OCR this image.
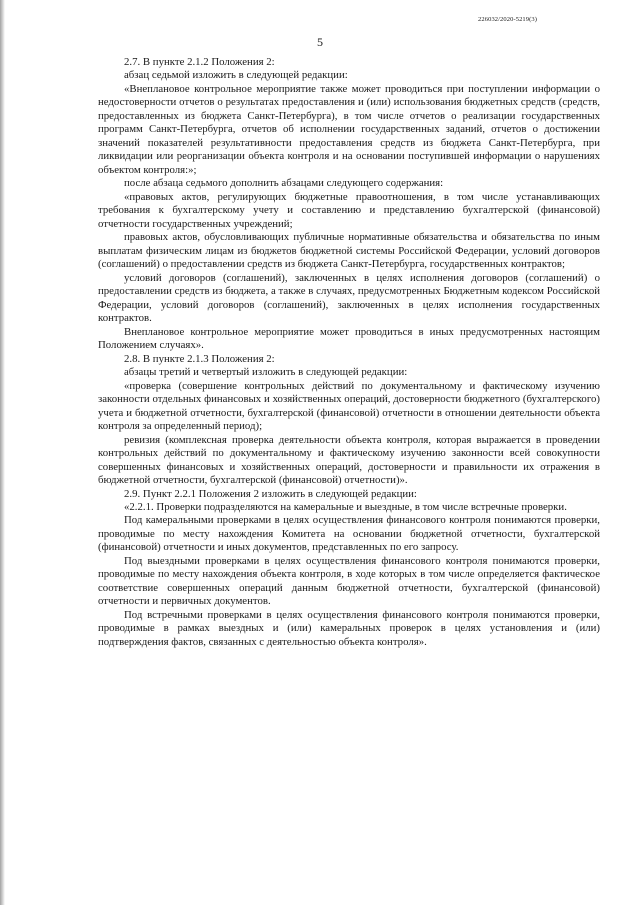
226032/2020-5219(3)
5

2.7. В пункте 2.1.2 Положения 2:

абзац седьмой изложить в следующей редакции:

«Внеплановое контрольное мероприятие также может проводиться при поступлении информации о недостоверности отчетов о результатах предоставления и (или) использования бюджетных средств (средств, предоставленных из бюджета Санкт-Петербурга), в том числе отчетов о реализации государственных программ Санкт-Петербурга, отчетов об исполнении государственных заданий, отчетов о достижении значений показателей результативности предоставления средств из бюджета Санкт-Петербурга, при ликвидации или реорганизации объекта контроля и на основании поступившей информации о нарушениях объектом контроля:»;

после абзаца седьмого дополнить абзацами следующего содержания:

«правовых актов, регулирующих бюджетные правоотношения, в том числе устанавливающих требования к бухгалтерскому учету и составлению и представлению бухгалтерской (финансовой) отчетности государственных учреждений;

правовых актов, обусловливающих публичные нормативные обязательства и обязательства по иным выплатам физическим лицам из бюджетов бюджетной системы Российской Федерации, условий договоров (соглашений) о предоставлении средств из бюджета Санкт-Петербурга, государственных контрактов;

условий договоров (соглашений), заключенных в целях исполнения договоров (соглашений) о предоставлении средств из бюджета, а также в случаях, предусмотренных Бюджетным кодексом Российской Федерации, условий договоров (соглашений), заключенных в целях исполнения государственных контрактов.

Внеплановое контрольное мероприятие может проводиться в иных предусмотренных настоящим Положением случаях».

2.8. В пункте 2.1.3 Положения 2:

абзацы третий и четвертый изложить в следующей редакции:

«проверка (совершение контрольных действий по документальному и фактическому изучению законности отдельных финансовых и хозяйственных операций, достоверности бюджетного (бухгалтерского) учета и бюджетной отчетности, бухгалтерской (финансовой) отчетности в отношении деятельности объекта контроля за определенный период);

ревизия (комплексная проверка деятельности объекта контроля, которая выражается в проведении контрольных действий по документальному и фактическому изучению законности всей совокупности совершенных финансовых и хозяйственных операций, достоверности и правильности их отражения в бюджетной отчетности, бухгалтерской (финансовой) отчетности)».

2.9. Пункт 2.2.1 Положения 2 изложить в следующей редакции:

«2.2.1. Проверки подразделяются на камеральные и выездные, в том числе встречные проверки.

Под камеральными проверками в целях осуществления финансового контроля понимаются проверки, проводимые по месту нахождения Комитета на основании бюджетной отчетности, бухгалтерской (финансовой) отчетности и иных документов, представленных по его запросу.

Под выездными проверками в целях осуществления финансового контроля понимаются проверки, проводимые по месту нахождения объекта контроля, в ходе которых в том числе определяется фактическое соответствие совершенных операций данным бюджетной отчетности, бухгалтерской (финансовой) отчетности и первичных документов.

Под встречными проверками в целях осуществления финансового контроля понимаются проверки, проводимые в рамках выездных и (или) камеральных проверок в целях установления и (или) подтверждения фактов, связанных с деятельностью объекта контроля».
